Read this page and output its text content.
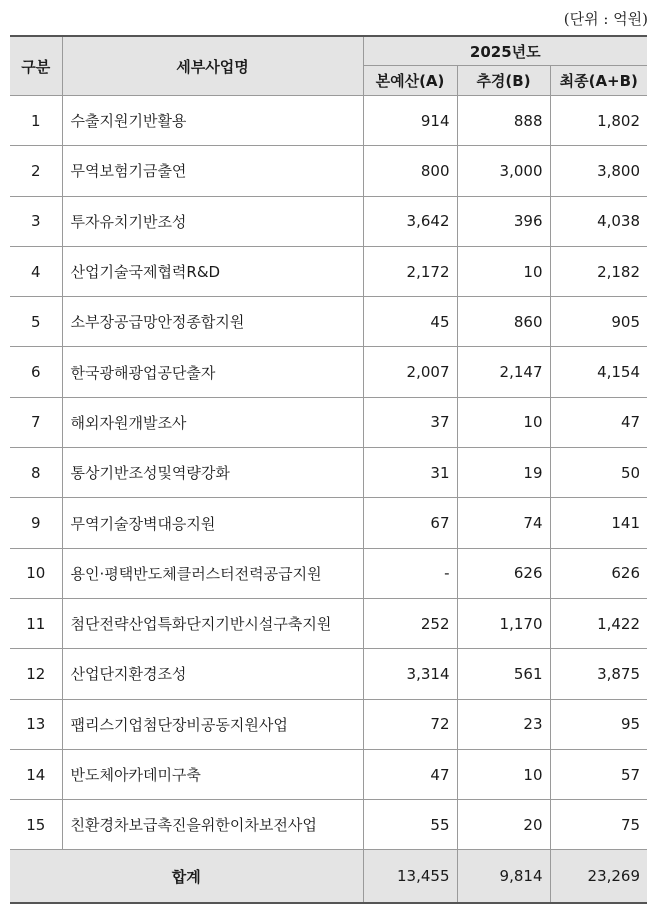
(단위 : 억원)
구분	세부사업명	2025년도		
		본예산(A)	추경(B)	최종(A+B)
1	수출지원기반활용	914	888	1,802
2	무역보험기금출연	800	3,000	3,800
3	투자유치기반조성	3,642	396	4,038
4	산업기술국제협력R&D	2,172	10	2,182
5	소부장공급망안정종합지원	45	860	905
6	한국광해광업공단출자	2,007	2,147	4,154
7	해외자원개발조사	37	10	47
8	통상기반조성및역량강화	31	19	50
9	무역기술장벽대응지원	67	74	141
10	용인·평택반도체클러스터전력공급지원	-	626	626
11	첨단전략산업특화단지기반시설구축지원	252	1,170	1,422
12	산업단지환경조성	3,314	561	3,875
13	팹리스기업첨단장비공동지원사업	72	23	95
14	반도체아카데미구축	47	10	57
15	친환경차보급촉진을위한이차보전사업	55	20	75
합계		13,455	9,814	23,269
